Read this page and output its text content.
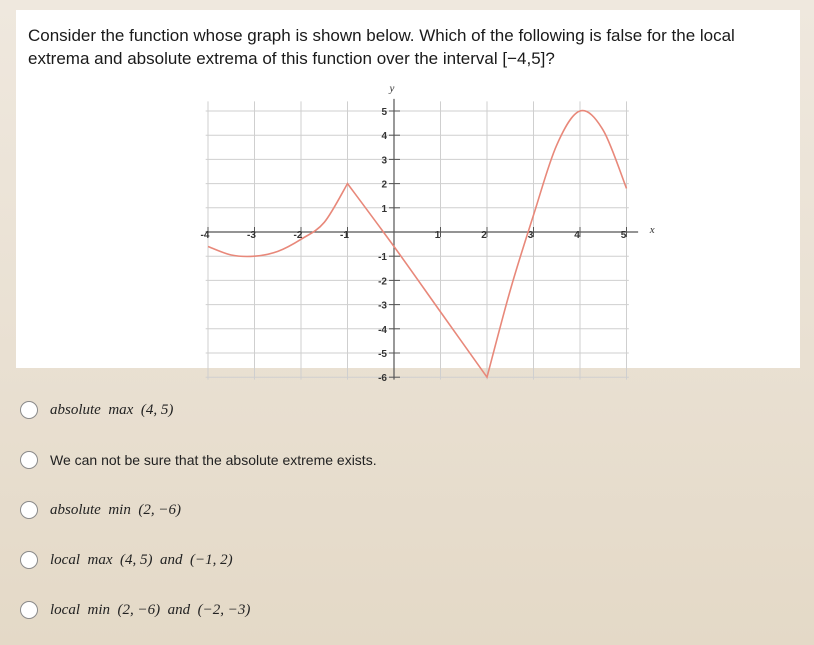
Consider the function whose graph is shown below. Which of the following is false for the local extrema and absolute extrema of this function over the interval [−4,5]?
-4	-3	-2	-1	1	2	3	4	5
-6
-5
-4
-3
-2
-1
1
2
3
4
5
x
y
absolute  max  (4, 5)
We can not be sure that the absolute extreme exists.
absolute  min  (2, −6)
local  max  (4, 5)  and  (−1, 2)
local  min  (2, −6)  and  (−2, −3)
